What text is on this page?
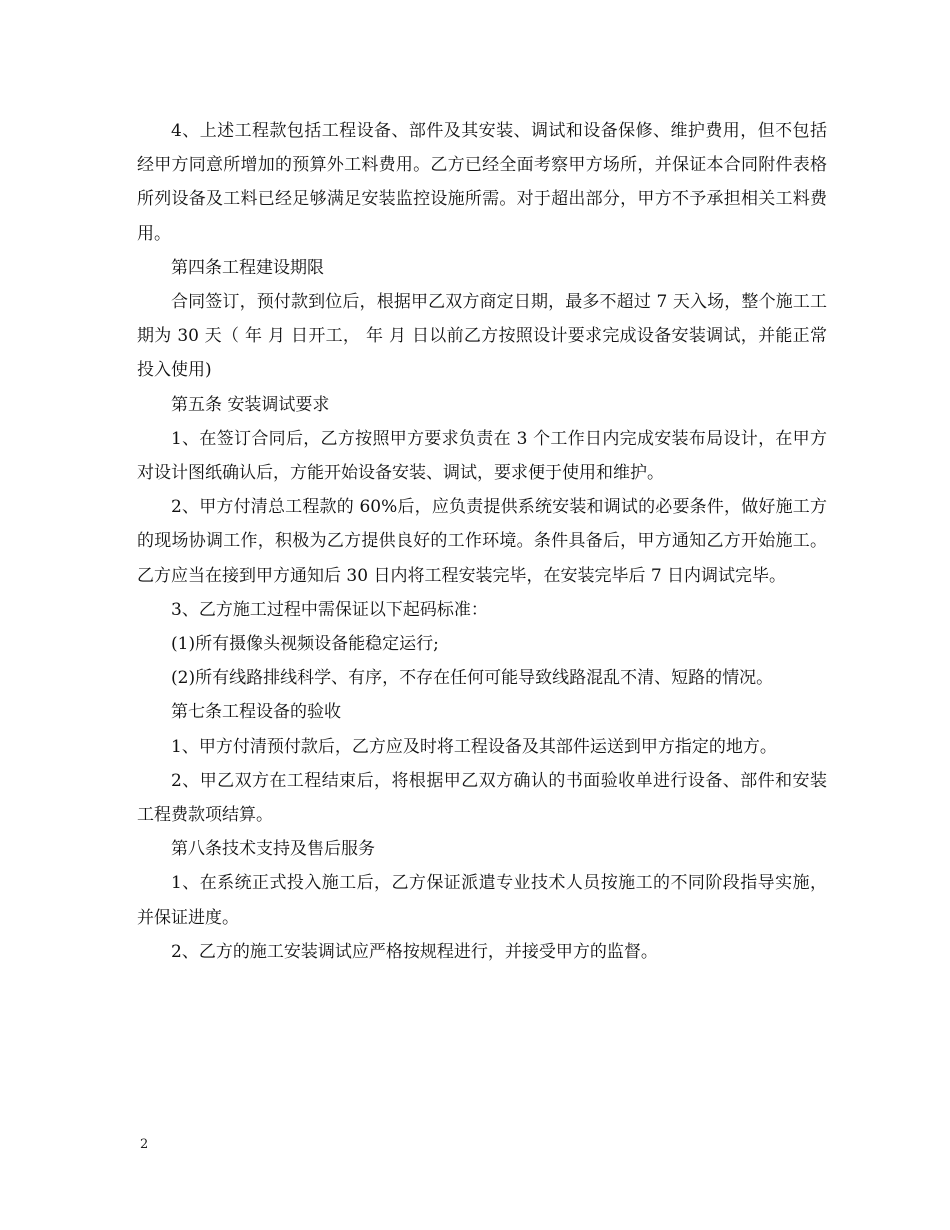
4、上述工程款包括工程设备、部件及其安装、调试和设备保修、维护费用，但不包括经甲方同意所增加的预算外工料费用。乙方已经全面考察甲方场所，并保证本合同附件表格所列设备及工料已经足够满足安装监控设施所需。对于超出部分，甲方不予承担相关工料费用。

第四条工程建设期限

合同签订，预付款到位后，根据甲乙双方商定日期，最多不超过 7 天入场，整个施工工期为 30 天（ 年 月 日开工， 年 月 日以前乙方按照设计要求完成设备安装调试，并能正常投入使用)

第五条 安装调试要求

1、在签订合同后，乙方按照甲方要求负责在 3 个工作日内完成安装布局设计，在甲方对设计图纸确认后，方能开始设备安装、调试，要求便于使用和维护。

2、甲方付清总工程款的 60%后，应负责提供系统安装和调试的必要条件，做好施工方的现场协调工作，积极为乙方提供良好的工作环境。条件具备后，甲方通知乙方开始施工。乙方应当在接到甲方通知后 30 日内将工程安装完毕，在安装完毕后 7 日内调试完毕。

3、乙方施工过程中需保证以下起码标准：

(1)所有摄像头视频设备能稳定运行;

(2)所有线路排线科学、有序，不存在任何可能导致线路混乱不清、短路的情况。

第七条工程设备的验收

1、甲方付清预付款后，乙方应及时将工程设备及其部件运送到甲方指定的地方。

2、甲乙双方在工程结束后，将根据甲乙双方确认的书面验收单进行设备、部件和安装工程费款项结算。

第八条技术支持及售后服务

1、在系统正式投入施工后，乙方保证派遣专业技术人员按施工的不同阶段指导实施，并保证进度。

2、乙方的施工安装调试应严格按规程进行，并接受甲方的监督。

2
